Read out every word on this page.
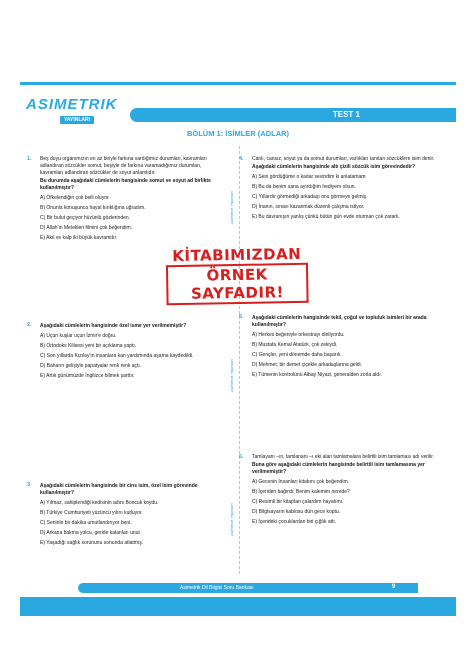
ASIMETRIK
YAYINLARI
TEST 1
BÖLÜM 1: İSİMLER (ADLAR)
1. Beş duyu organımızın en az biriyle farkına vardığımız durumları, kavramları adlandıran sözcükler somut, beşiyle de farkına varamadığımız durumları, kavramları adlandıran sözcükler de soyut anlamlıdır.
Bu durumda aşağıdaki cümlelerin hangisinde somut ve soyut ad birlikte kullanılmıştır?
A) Öfkelendiğin çok belli oluyor.
B) Onunla konuşunca hayal kırıklığına uğradım.
C) Bir bulut geçiyor hüzünlü gözlerinden.
D) Allah'ın Melekleri filmini çok beğendim.
E) Akıl ve kalp iki büyük kavramdır.
2. Aşağıdaki cümlelerin hangisinde özel isme yer verilmemiştir?
A) Uçun kuşlar uçun İzmir'e doğru.
B) Ortodoks Kilisesi yeni bir açıklama yaptı.
C) Son yıllarda Kızılay'ın insanlara kan yardımında aşama kaydedildi.
D) Baharın gelişiyle papatyalar renk renk açtı.
E) Artık günümüzde İngilizce bilmek şarttır.
3. Aşağıdaki cümlelerin hangisinde bir cins isim, özel isim görevinde kullanılmıştır?
A) Yılmaz, sahiplendiği kedisinin adını Boncuk koydu.
B) Türkiye Cumhuriyeti yüzüncü yılını kutluyor.
C) Seninle bir dakika umutlandırıyor beni.
D) Arkana bakma yolcu, geride kalanları unut.
E) Yaşadığı sağlık sorununu sonunda atlatmış.
Asimetrik Yayınları
Asimetrik Yayınları
Asimetrik Yayınları
4. Canlı, cansız, soyut ya da somut durumları, varlıkları tanıtan sözcüklere isim denir.
Aşağıdaki cümlelerin hangisinde altı çizili sözcük isim görevindedir?
A) Seni gördüğüme o kadar sevindim ki anlatamam.
B) Bu da benim sana ayırdığım hediyem olsun.
C) Yıllardır görmediği arkadaşı onu görmeye gelmiş.
D) İnanın, sınavı kazanmak düzenli çalışma istiyor.
E) Bu davranışın yanlış çünkü bütün gün evde oturman çok zararlı.
5. Aşağıdaki cümlelerin hangisinde tekil, çoğul ve topluluk isimleri bir arada kullanılmıştır?
A) Herkes beğeniyle orkestrayı dinliyordu.
B) Mustafa Kemal Atatürk, çok zekiydi.
C) Gençler, yeni dönemde daha başarılı.
D) Mehmet, bir demet çiçekle arkadaşlarına geldi.
E) Tümenin kontrolünü Albay Niyazi, generalden zorla aldı.
6. Tamlayanı –ın, tamlananı –ı eki alan tamlamalara belirtili isim tamlaması adı verilir.
Buna göre aşağıdaki cümlelerin hangisinde belirtili isim tamlamasına yer verilmemiştir?
A) Gecenin İnsanları kitabını çok beğendim.
B) İçeriden bağırdı: Benim kalemim nerede?
C) Resimli bir kitaptan çalardım hayatımı.
D) Bilgisayarın kablosu dün gece koptu.
E) İçerideki çocuklardan biri çığlık attı.
KİTABIMIZDAN
ÖRNEK SAYFADIR!
Asimetrik Dil Bilgisi Soru Bankası	9
